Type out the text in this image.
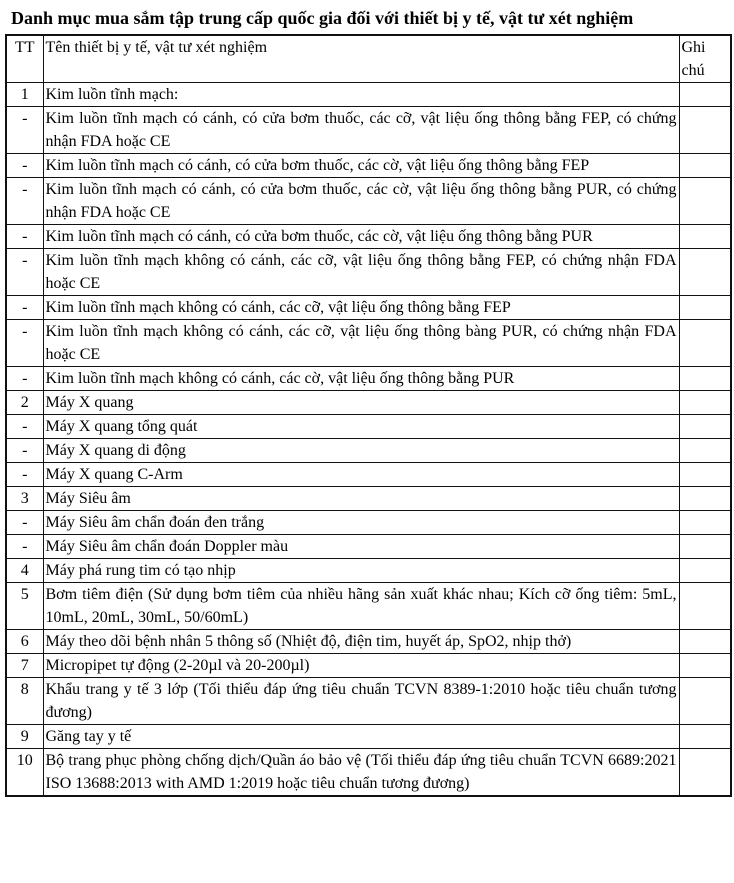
Danh mục mua sắm tập trung cấp quốc gia đối với thiết bị y tế, vật tư xét nghiệm
TT	Tên thiết bị y tế, vật tư xét nghiệm	Ghi chú
1	Kim luồn tĩnh mạch:	
-	Kim luồn tĩnh mạch có cánh, có cửa bơm thuốc, các cỡ, vật liệu ống thông bằng FEP, có chứng nhận FDA hoặc CE	
-	Kim luồn tĩnh mạch có cánh, có cửa bơm thuốc, các cờ, vật liệu ống thông bằng FEP	
-	Kim luồn tĩnh mạch có cánh, có cửa bơm thuốc, các cờ, vật liệu ống thông bằng PUR, có chứng nhận FDA hoặc CE	
-	Kim luồn tĩnh mạch có cánh, có cửa bơm thuốc, các cờ, vật liệu ống thông bằng PUR	
-	Kim luồn tĩnh mạch không có cánh, các cỡ, vật liệu ống thông bằng FEP, có chứng nhận FDA hoặc CE	
-	Kim luồn tĩnh mạch không có cánh, các cỡ, vật liệu ống thông bằng FEP	
-	Kim luồn tĩnh mạch không có cánh, các cỡ, vật liệu ống thông bàng PUR, có chứng nhận FDA hoặc CE	
-	Kim luồn tĩnh mạch không có cánh, các cờ, vật liệu ống thông bằng PUR	
2	Máy X quang	
-	Máy X quang tổng quát	
-	Máy X quang di động	
-	Máy X quang C-Arm	
3	Máy Siêu âm	
-	Máy Siêu âm chẩn đoán đen trắng	
-	Máy Siêu âm chẩn đoán Doppler màu	
4	Máy phá rung tim có tạo nhịp	
5	Bơm tiêm điện (Sử dụng bơm tiêm của nhiều hãng sản xuất khác nhau; Kích cỡ ống tiêm: 5mL, 10mL, 20mL, 30mL, 50/60mL)	
6	Máy theo dõi bệnh nhân 5 thông số (Nhiệt độ, điện tim, huyết áp, SpO2, nhịp thở)	
7	Micropipet tự động (2-20µl và 20-200µl)	
8	Khẩu trang y tế 3 lớp (Tối thiểu đáp ứng tiêu chuẩn TCVN 8389-1:2010 hoặc tiêu chuẩn tương đương)	
9	Găng tay y tế	
10	Bộ trang phục phòng chống dịch/Quần áo bảo vệ (Tối thiểu đáp ứng tiêu chuẩn TCVN 6689:2021 ISO 13688:2013 with AMD 1:2019 hoặc tiêu chuẩn tương đương)	
